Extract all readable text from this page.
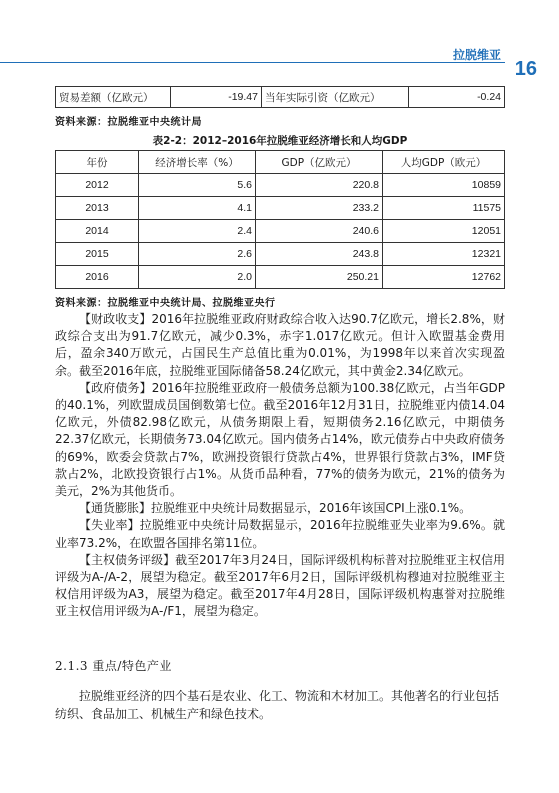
拉脱维亚
16
贸易差额（亿欧元）	-19.47	当年实际引资（亿欧元）	-0.24
资料来源：拉脱维亚中央统计局
表2-2：2012–2016年拉脱维亚经济增长和人均GDP
年份	经济增长率（%）	GDP（亿欧元）	人均GDP（欧元）
2012	5.6	220.8	10859
2013	4.1	233.2	11575
2014	2.4	240.6	12051
2015	2.6	243.8	12321
2016	2.0	250.21	12762
资料来源：拉脱维亚中央统计局、拉脱维亚央行

【财政收支】2016年拉脱维亚政府财政综合收入达90.7亿欧元，增长2.8%，财政综合支出为91.7亿欧元，减少0.3%，赤字1.017亿欧元。但计入欧盟基金费用后，盈余340万欧元，占国民生产总值比重为0.01%，为1998年以来首次实现盈余。截至2016年底，拉脱维亚国际储备58.24亿欧元，其中黄金2.34亿欧元。

【政府债务】2016年拉脱维亚政府一般债务总额为100.38亿欧元，占当年GDP的40.1%，列欧盟成员国倒数第七位。截至2016年12月31日，拉脱维亚内债14.04亿欧元，外债82.98亿欧元，从债务期限上看，短期债务2.16亿欧元，中期债务22.37亿欧元，长期债务73.04亿欧元。国内债务占14%，欧元债券占中央政府债务的69%，欧委会贷款占7%，欧洲投资银行贷款占4%，世界银行贷款占3%，IMF贷款占2%，北欧投资银行占1%。从货币品种看，77%的债务为欧元，21%的债务为美元，2%为其他货币。

【通货膨胀】拉脱维亚中央统计局数据显示，2016年该国CPI上涨0.1%。

【失业率】拉脱维亚中央统计局数据显示，2016年拉脱维亚失业率为9.6%。就业率73.2%，在欧盟各国排名第11位。

【主权债务评级】截至2017年3月24日，国际评级机构标普对拉脱维亚主权信用评级为A-/A-2，展望为稳定。截至2017年6月2日，国际评级机构穆迪对拉脱维亚主权信用评级为A3，展望为稳定。截至2017年4月28日，国际评级机构惠誉对拉脱维亚主权信用评级为A-/F1，展望为稳定。

2.1.3 重点/特色产业

拉脱维亚经济的四个基石是农业、化工、物流和木材加工。其他著名的行业包括纺织、食品加工、机械生产和绿色技术。
